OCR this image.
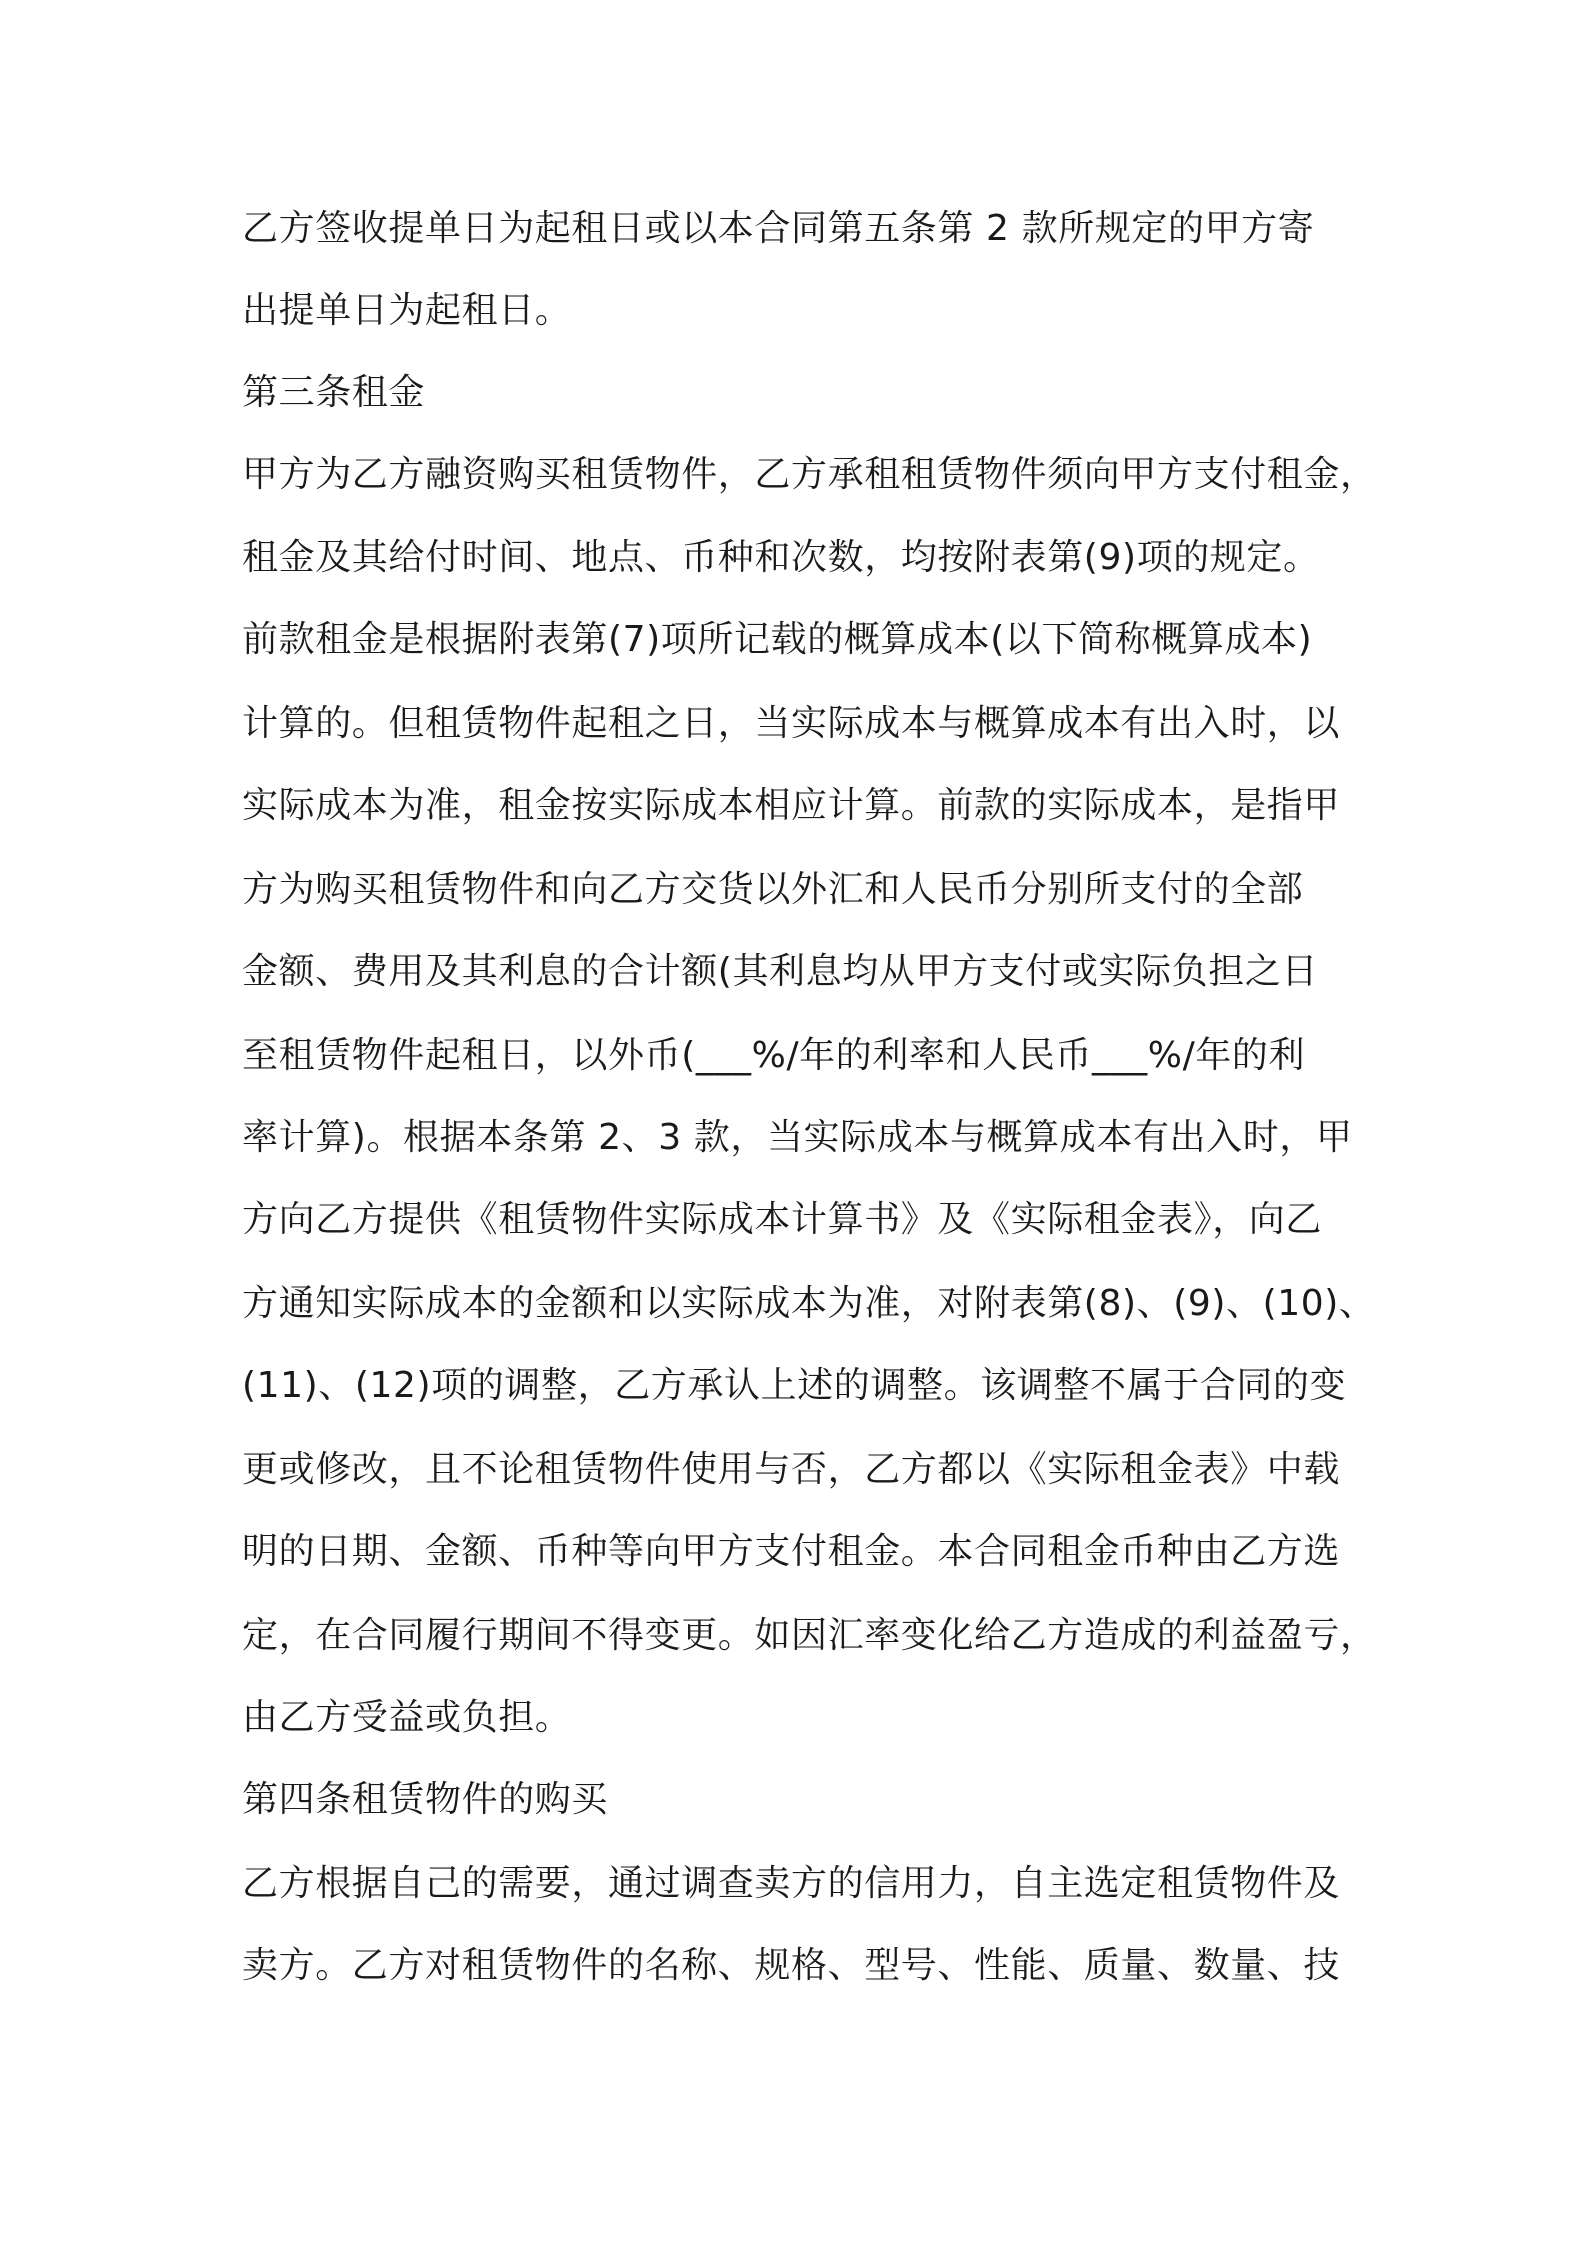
乙方签收提单日为起租日或以本合同第五条第 2 款所规定的甲方寄
出提单日为起租日。
第三条租金
甲方为乙方融资购买租赁物件，乙方承租租赁物件须向甲方支付租金，
租金及其给付时间、地点、币种和次数，均按附表第(9)项的规定。
前款租金是根据附表第(7)项所记载的概算成本(以下简称概算成本)
计算的。但租赁物件起租之日，当实际成本与概算成本有出入时，以
实际成本为准，租金按实际成本相应计算。前款的实际成本，是指甲
方为购买租赁物件和向乙方交货以外汇和人民币分别所支付的全部
金额、费用及其利息的合计额(其利息均从甲方支付或实际负担之日
至租赁物件起租日，以外币(___%/年的利率和人民币___%/年的利
率计算)。根据本条第 2、3 款，当实际成本与概算成本有出入时，甲
方向乙方提供《租赁物件实际成本计算书》及《实际租金表》，向乙
方通知实际成本的金额和以实际成本为准，对附表第(8)、(9)、(10)、
(11)、(12)项的调整，乙方承认上述的调整。该调整不属于合同的变
更或修改，且不论租赁物件使用与否，乙方都以《实际租金表》中载
明的日期、金额、币种等向甲方支付租金。本合同租金币种由乙方选
定，在合同履行期间不得变更。如因汇率变化给乙方造成的利益盈亏，
由乙方受益或负担。
第四条租赁物件的购买
乙方根据自己的需要，通过调查卖方的信用力，自主选定租赁物件及
卖方。乙方对租赁物件的名称、规格、型号、性能、质量、数量、技
